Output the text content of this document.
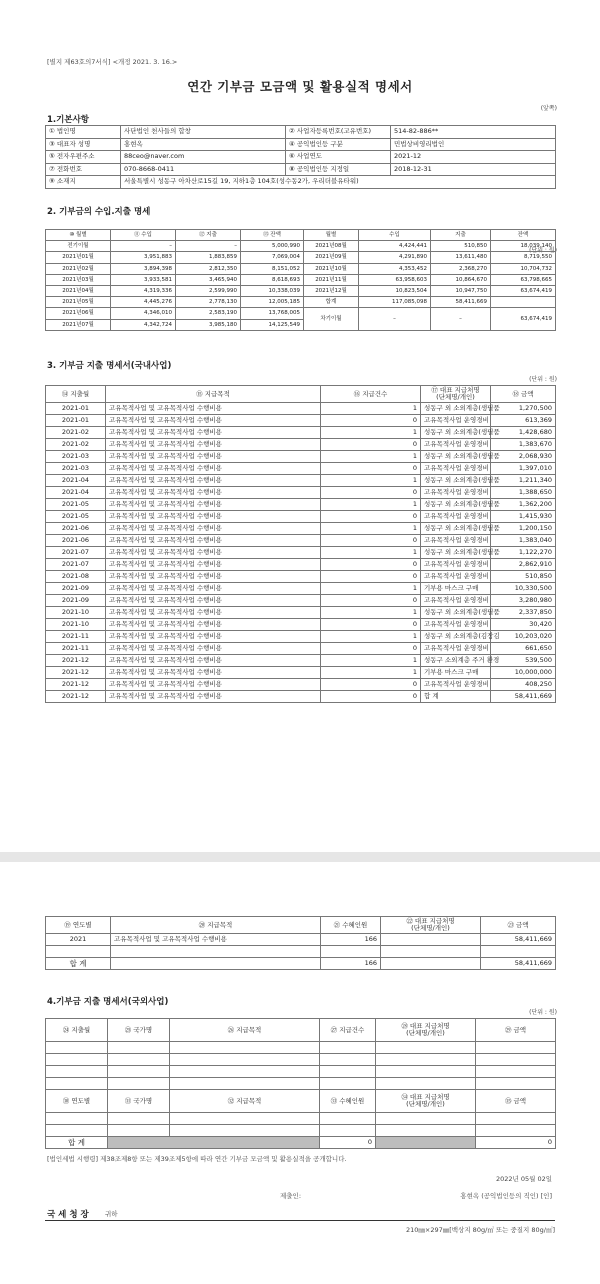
[별지 제63호의7서식] <개정 2021. 3. 16.>
연간 기부금 모금액 및 활용실적 명세서
(앞쪽)
1.기본사항
① 법인명	사단법인 천사들의 합창	② 사업자등록번호(고유번호)	514-82-886**
③ 대표자 성명	홍현옥	④ 공익법인등 구분	민법상비영리법인
⑤ 전자우편주소	88ceo@naver.com	⑥ 사업연도	2021-12
⑦ 전화번호	070-8668-0411	⑧ 공익법인등 지정일	2018-12-31
⑨ 소재지	서울특별시 성동구 아차산로15길 19, 지하1층 104호(성수동2가, 우리더블유타워)		
2. 기부금의 수입.지출 명세
(단위 : 원)
⑩ 월별	⑪ 수입	⑫ 지출	⑬ 잔액	월별	수입	지출	잔액
전기이월	–	–	5,000,990	2021년08월	4,424,441	510,850	18,039,140
2021년01월	3,951,883	1,883,859	7,069,004	2021년09월	4,291,890	13,611,480	8,719,550
2021년02월	3,894,398	2,812,350	8,151,052	2021년10월	4,353,452	2,368,270	10,704,732
2021년03월	3,933,581	3,465,940	8,618,693	2021년11월	63,958,603	10,864,670	63,798,665
2021년04월	4,319,336	2,599,990	10,338,039	2021년12월	10,823,504	10,947,750	63,674,419
2021년05월	4,445,276	2,778,130	12,005,185	합계	117,085,098	58,411,669	
2021년06월	4,346,010	2,583,190	13,768,005	차기이월	–	–	63,674,419
2021년07월	4,342,724	3,985,180	14,125,549				
3. 기부금 지출 명세서(국내사업)
(단위 : 원)
⑭ 지출월	⑮ 지급목적	⑯ 지급건수	⑰ 대표 지급처명
(단체명/개인)	⑱ 금액
2021-01	고유목적사업 및 고유목적사업 수행비용	1	성동구 외 소외계층(생필품	1,270,500
2021-01	고유목적사업 및 고유목적사업 수행비용	0	고유목적사업 운영경비	613,369
2021-02	고유목적사업 및 고유목적사업 수행비용	1	성동구 외 소외계층(생필품	1,428,680
2021-02	고유목적사업 및 고유목적사업 수행비용	0	고유목적사업 운영경비	1,383,670
2021-03	고유목적사업 및 고유목적사업 수행비용	1	성동구 외 소외계층(생필품	2,068,930
2021-03	고유목적사업 및 고유목적사업 수행비용	0	고유목적사업 운영경비	1,397,010
2021-04	고유목적사업 및 고유목적사업 수행비용	1	성동구 외 소외계층(생필품	1,211,340
2021-04	고유목적사업 및 고유목적사업 수행비용	0	고유목적사업 운영경비	1,388,650
2021-05	고유목적사업 및 고유목적사업 수행비용	1	성동구 외 소외계층(생필품	1,362,200
2021-05	고유목적사업 및 고유목적사업 수행비용	0	고유목적사업 운영경비	1,415,930
2021-06	고유목적사업 및 고유목적사업 수행비용	1	성동구 외 소외계층(생필품	1,200,150
2021-06	고유목적사업 및 고유목적사업 수행비용	0	고유목적사업 운영경비	1,383,040
2021-07	고유목적사업 및 고유목적사업 수행비용	1	성동구 외 소외계층(생필품	1,122,270
2021-07	고유목적사업 및 고유목적사업 수행비용	0	고유목적사업 운영경비	2,862,910
2021-08	고유목적사업 및 고유목적사업 수행비용	0	고유목적사업 운영경비	510,850
2021-09	고유목적사업 및 고유목적사업 수행비용	1	기부용 마스크 구매	10,330,500
2021-09	고유목적사업 및 고유목적사업 수행비용	0	고유목적사업 운영경비	3,280,980
2021-10	고유목적사업 및 고유목적사업 수행비용	1	성동구 외 소외계층(생필품	2,337,850
2021-10	고유목적사업 및 고유목적사업 수행비용	0	고유목적사업 운영경비	30,420
2021-11	고유목적사업 및 고유목적사업 수행비용	1	성동구 외 소외계층(김장김	10,203,020
2021-11	고유목적사업 및 고유목적사업 수행비용	0	고유목적사업 운영경비	661,650
2021-12	고유목적사업 및 고유목적사업 수행비용	1	성동구 소외계층 주거 환경	539,500
2021-12	고유목적사업 및 고유목적사업 수행비용	1	기부용 마스크 구매	10,000,000
2021-12	고유목적사업 및 고유목적사업 수행비용	0	고유목적사업 운영경비	408,250
2021-12	고유목적사업 및 고유목적사업 수행비용	0	합 계	58,411,669
⑲ 연도별	⑳ 지급목적	㉑ 수혜인원	㉒ 대표 지급처명
(단체명/개인)	㉓ 금액
2021	고유목적사업 및 고유목적사업 수행비용	166		58,411,669

합 계		166		58,411,669
4.기부금 지출 명세서(국외사업)
(단위 : 원)
㉔ 지출월	㉕ 국가명	㉖ 지급목적	㉗ 지급건수	㉘ 대표 지급처명
(단체명/개인)	㉙ 금액

㉚ 연도별	㉛ 국가명	㉜ 지급목적	㉝ 수혜인원	㉞ 대표 지급처명
(단체명/개인)	㉟ 금액

합 계			0		0
[법인세법 시행령] 제38조제8항 또는 제39조제5항에 따라 연간 기부금 모금액 및 활용실적을 공개합니다.
2022년 05월 02일
제출인:	홍현옥 (공익법인등의 직인) [인]
국 세 청 장	귀하
210㎜×297㎜[백상지 80g/㎡ 또는 중질지 80g/㎡]
